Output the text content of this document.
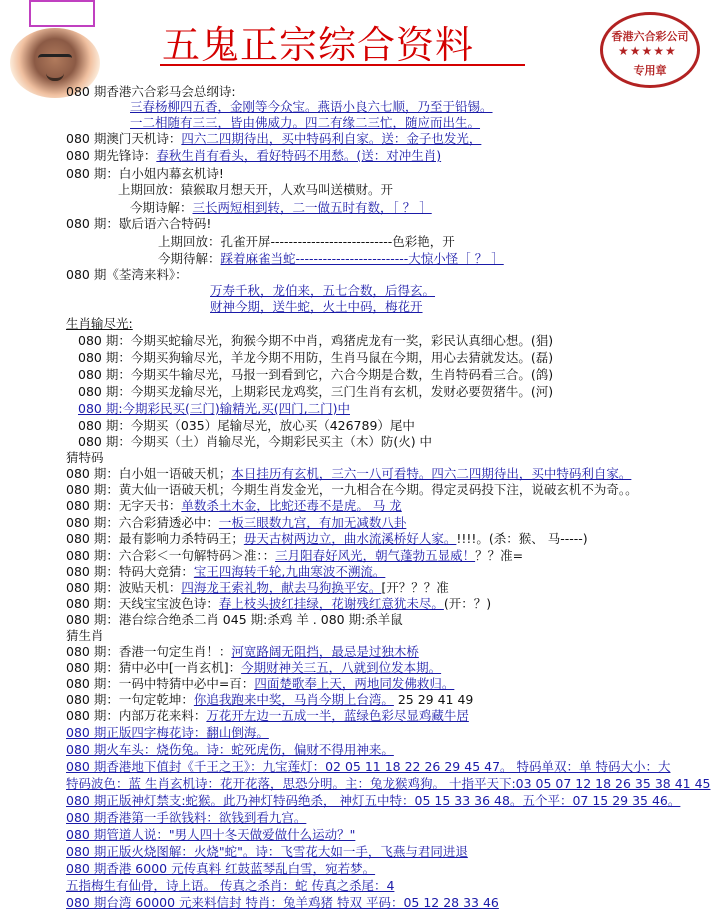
五鬼正宗综合资料	香港六合彩公司
★★★★★
专用章
080 期香港六合彩马会总纲诗:
三春杨柳四五香，金刚等今众宝。燕语小良六七顺，乃至于铅锡。
一二相随有三三，皆由佛威力。四二有缘二三忙，随应而出生。
080 期澳门天机诗：四六二四期待出，买中特码利自家。送：金子也发光，
080 期先锋诗：春秋生肖有看头，看好特码不用愁。(送：对冲生肖)
080 期：白小姐内幕玄机诗!
上期回放：猿猴取月想天开，人欢马叫送横财。开
今期诗解：三长两短相到转，二一做五时有数，［ ？ ］
080 期：歇后语六合特码!
上期回放：孔雀开屏---------------------------色彩艳，开
今期待解：踩着麻雀当蛇-------------------------大惊小怪［ ？ ］
080 期《荃湾来料》：
万寿千秋，龙伯来，五七合数，后得玄。
财神今期，送牛蛇，火土中码，梅花开
生肖输尽光:
080 期：今期买蛇输尽光，狗猴今期不中肖，鸡猪虎龙有一奖，彩民认真细心想。(猖)
080 期：今期买狗输尽光，羊龙今期不用防，生肖马鼠在今期，用心去猜就发达。(磊)
080 期：今期买牛输尽光，马报一到看到它，六合今期是合数，生肖特码看三合。(鸽)
080 期：今期买龙输尽光，上期彩民龙鸡奖，三门生肖有玄机，发财必要贺猪牛。(河)
080 期:今期彩民买(三门)输精光,买(四门,二门)中
080 期：今期买（035）尾输尽光，放心买（426789）尾中
080 期：今期买（土）肖输尽光，今期彩民买主（木）防(火) 中
猜特码
080 期：白小姐一语破天机；本日挂历有玄机，三六一八可看特。四六二四期待出，买中特码利自家。
080 期：黄大仙一语破天机；今期生肖发金光，一九相合在今期。得定灵码投下注，说破玄机不为奇。。
080 期：无字天书：单数杀土木金，比蛇还毒不是虎。 马 龙
080 期：六合彩猜透必中：一板三眼数九宫，有加无减数八卦
080 期：最有影响力杀特码王；毋天古树两边立，曲水流溪桥好人家。!!!!。(杀：猴、 马-----)
080 期：六合彩＜一句解特码＞准：：三月阳春好风光，朝气蓬勃五显威！？？准=
080 期：特码大竞猜：宝王四海转千轮,九曲寒波不溯流。
080 期：波贴天机：四海龙王索礼物，献去马狗换平安。[开？？？准
080 期：天线宝宝波色诗：春上枝头披红挂绿，花谢残红意犹未尽。(开：？)
080 期：港台综合绝杀二肖 045 期:杀鸡 羊 . 080 期:杀羊鼠
猜生肖
080 期：香港一句定生肖！：河宽路阔无阻挡，最忌是过独木桥
080 期：猜中必中[一肖玄机]：今期财神关三五，八就到位发本期。
080 期：一码中特猜中必中=百：四面楚歌奉上天，两地同发佛救归。
080 期：一句定乾坤：你追我跑来中奖，马肖今期上台湾。 25 29 41 49
080 期：内部万花来料：万花开左边一五成一半，蓝绿色彩尽显鸡藏牛居
080 期正版四字梅花诗：翻山倒海。
080 期火车头：烧伤兔。诗：蛇死虎伤，偏财不得用神来。
080 期香港地下值封《千王之王》：九宝莲灯：02 05 11 18 22 26 29 45 47。 特码单双：单 特码大小：大
特码波色：蓝 生肖玄机诗：花开花落，思恐分明。主：兔龙猴鸡狗。 十指平天下:03 05 07 12 18 26 35 38 41 45
080 期正版神灯禁支:蛇猴。此乃神灯特码绝杀， 神灯五中特：05 15 33 36 48。五个平：07 15 29 35 46。
080 期香港第一手欲钱料：欲钱到看九宫。
080 期管道人说："男人四十冬天做爱做什么运动？"
080 期正版火烧图解：火烧"蛇"。诗：飞雪花大如一手，飞燕与君同进退
080 期香港 6000 元传真料 红鼓蓝琴乱白雪，宛若梦。
五指梅生有仙骨，诗上语。 传真之杀肖：蛇 传真之杀尾：4
080 期台湾 60000 元来料信封 特肖：兔羊鸡猪 特双 平码：05 12 28 33 46
